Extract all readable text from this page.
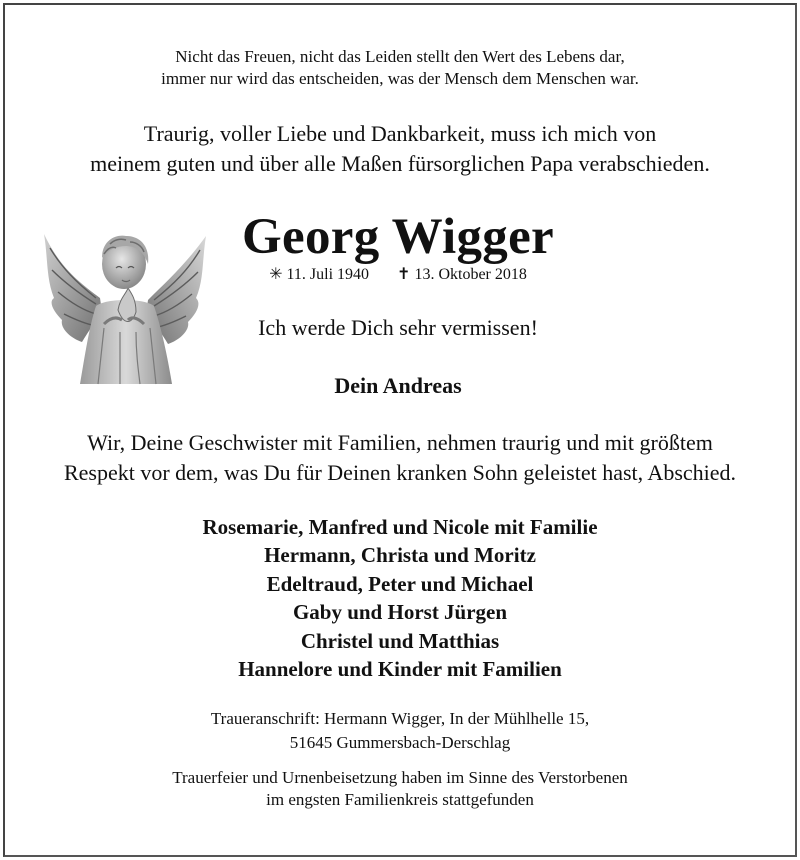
Nicht das Freuen, nicht das Leiden stellt den Wert des Lebens dar,
immer nur wird das entscheiden, was der Mensch dem Menschen war.
Traurig, voller Liebe und Dankbarkeit, muss ich mich von
meinem guten und über alle Maßen fürsorglichen Papa verabschieden.
Georg Wigger
✳ 11. Juli 1940 ✝ 13. Oktober 2018
Ich werde Dich sehr vermissen!
Dein Andreas
Wir, Deine Geschwister mit Familien, nehmen traurig und mit größtem
Respekt vor dem, was Du für Deinen kranken Sohn geleistet hast, Abschied.
Rosemarie, Manfred und Nicole mit Familie
Hermann, Christa und Moritz
Edeltraud, Peter und Michael
Gaby und Horst Jürgen
Christel und Matthias
Hannelore und Kinder mit Familien
Traueranschrift: Hermann Wigger, In der Mühlhelle 15,
51645 Gummersbach-Derschlag
Trauerfeier und Urnenbeisetzung haben im Sinne des Verstorbenen
im engsten Familienkreis stattgefunden
